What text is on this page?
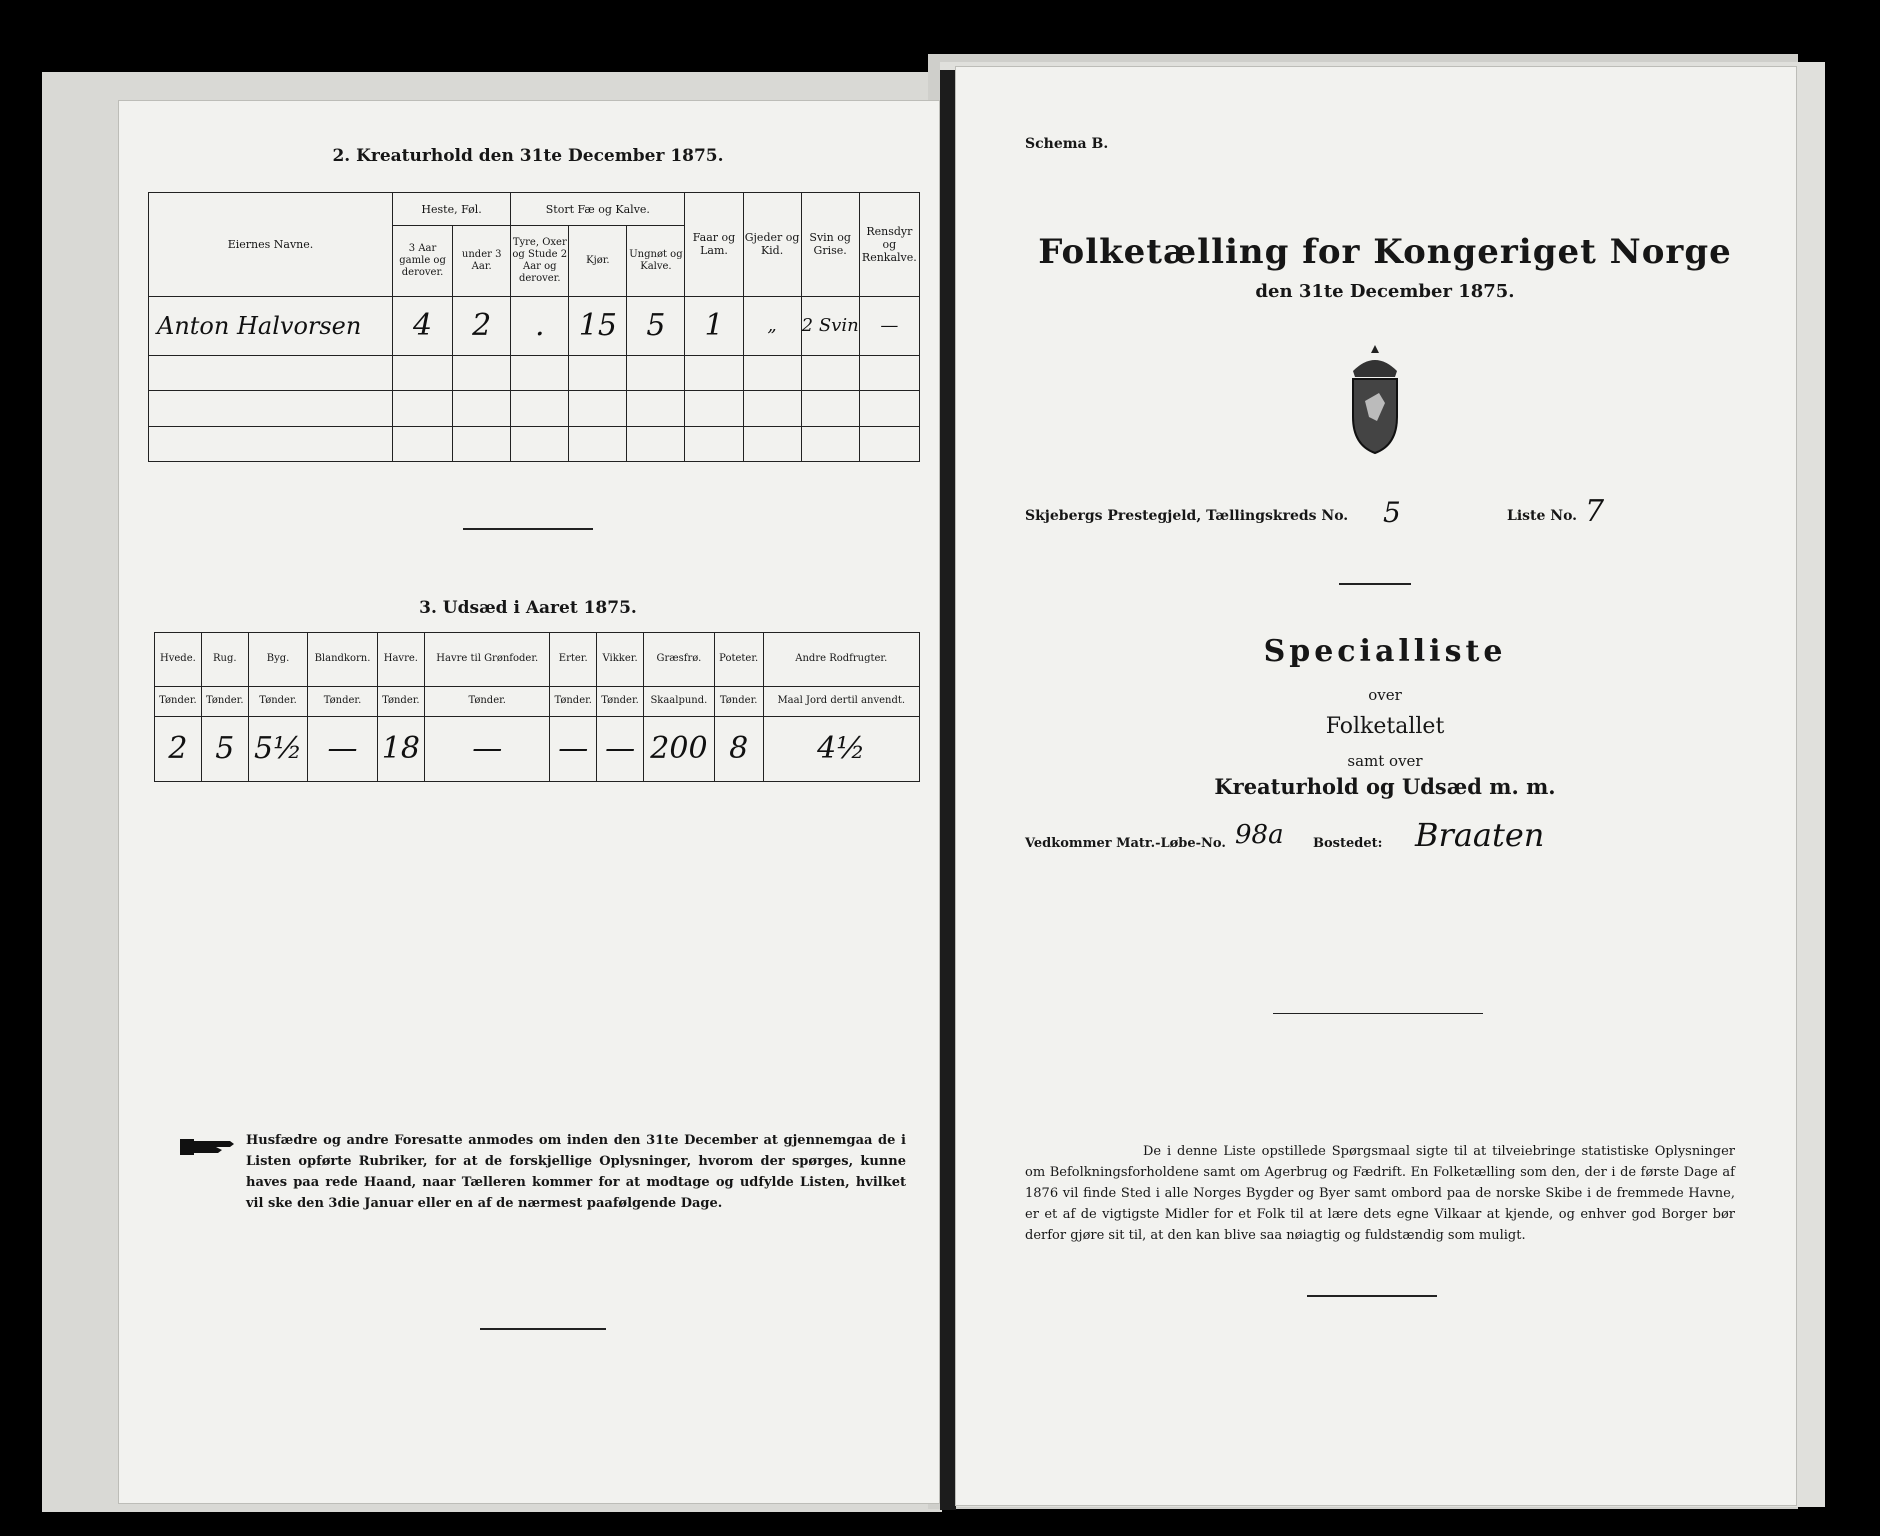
2. Kreaturhold den 31te December 1875.
Eiernes Navne.	Heste, Føl.		Stort Fæ og Kalve.			Faar og Lam.	Gjeder og Kid.	Svin og Grise.	Rensdyr og Renkalve.
	3 Aar gamle og derover.	under 3 Aar.	Tyre, Oxer og Stude 2 Aar og derover.	Kjør.	Ungnøt og Kalve.				
Anton Halvorsen	4	2	.	15	5	1	„	2 Svin	—

3. Udsæd i Aaret 1875.
Hvede.	Rug.	Byg.	Blandkorn.	Havre.	Havre til Grønfoder.	Erter.	Vikker.	Græsfrø.	Poteter.	Andre Rodfrugter.
Tønder.	Tønder.	Tønder.	Tønder.	Tønder.	Tønder.	Tønder.	Tønder.	Skaalpund.	Tønder.	Maal Jord dertil anvendt.
2	5	5½	—	18	—	—	—	200	8	4½
Husfædre og andre Foresatte anmodes om inden den 31te December at gjennemgaa de i Listen opførte Rubriker, for at de forskjellige Oplysninger, hvorom der spørges, kunne haves paa rede Haand, naar Tælleren kommer for at modtage og udfylde Listen, hvilket vil ske den 3die Januar eller en af de nærmest paafølgende Dage.
Schema B.
Folketælling for Kongeriget Norge
den 31te December 1875.
Skjebergs Prestegjeld, Tællingskreds No. 5	Liste No. 7
Specialliste
over
Folketallet
samt over
Kreaturhold og Udsæd m. m.
Vedkommer Matr.-Løbe-No. 98a Bostedet: Braaten
De i denne Liste opstillede Spørgsmaal sigte til at tilveiebringe statistiske Oplysninger om Befolkningsforholdene samt om Agerbrug og Fædrift. En Folketælling som den, der i de første Dage af 1876 vil finde Sted i alle Norges Bygder og Byer samt ombord paa de norske Skibe i de fremmede Havne, er et af de vigtigste Midler for et Folk til at lære dets egne Vilkaar at kjende, og enhver god Borger bør derfor gjøre sit til, at den kan blive saa nøiagtig og fuldstændig som muligt.
